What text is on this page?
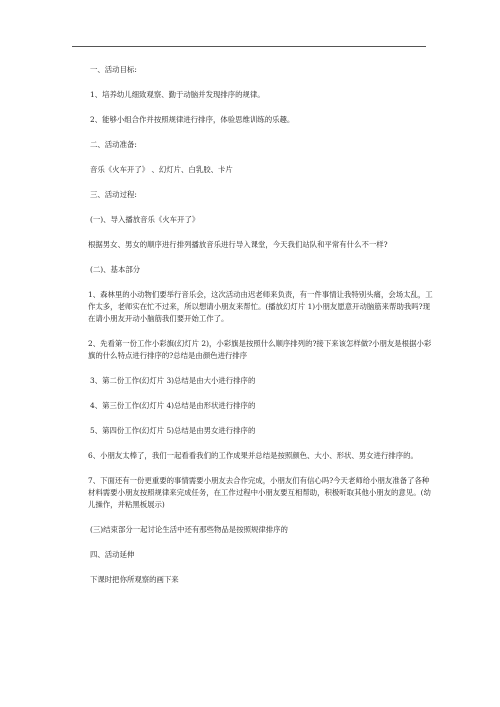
一、活动目标:

1、培养幼儿细致观察、勤于动脑并发现排序的规律。

2、能够小组合作并按照规律进行排序，体验思维训练的乐趣。

二、活动准备:

音乐《火车开了》 、幻灯片、白乳胶、卡片

三、活动过程:

(一)、导入播放音乐《火车开了》

根据男女、男女的顺序进行排列播放音乐进行导入课堂，今天我们站队和平常有什么不一样?

(二)、基本部分

1、森林里的小动物们要举行音乐会，这次活动由迟老师来负责，有一件事情让我特别头痛，会场太乱，工作太多，老师实在忙不过来，所以想请小朋友来帮忙。(播放幻灯片 1)小朋友愿意开动脑筋来帮助我吗?现在请小朋友开动小脑筋我们要开始工作了。

2、先看第一份工作小彩旗(幻灯片 2)，小彩旗是按照什么顺序排列的?接下来该怎样做?小朋友是根据小彩旗的什么特点进行排序的?总结是由颜色进行排序

3、第二份工作(幻灯片 3)总结是由大小进行排序的

4、第三份工作(幻灯片 4)总结是由形状进行排序的

5、第四份工作(幻灯片 5)总结是由男女进行排序的

6、小朋友太棒了，我们一起看看我们的工作成果并总结是按照颜色、大小、形状、男女进行排序的。

7、下面还有一份更重要的事情需要小朋友去合作完成，小朋友们有信心吗?今天老师给小朋友准备了各种材料需要小朋友按照规律来完成任务，在工作过程中小朋友要互相帮助，积极听取其他小朋友的意见。(幼儿操作，并粘黑板展示)

(三)结束部分一起讨论生活中还有那些物品是按照规律排序的

四、活动延伸

下课时把你所观察的画下来
